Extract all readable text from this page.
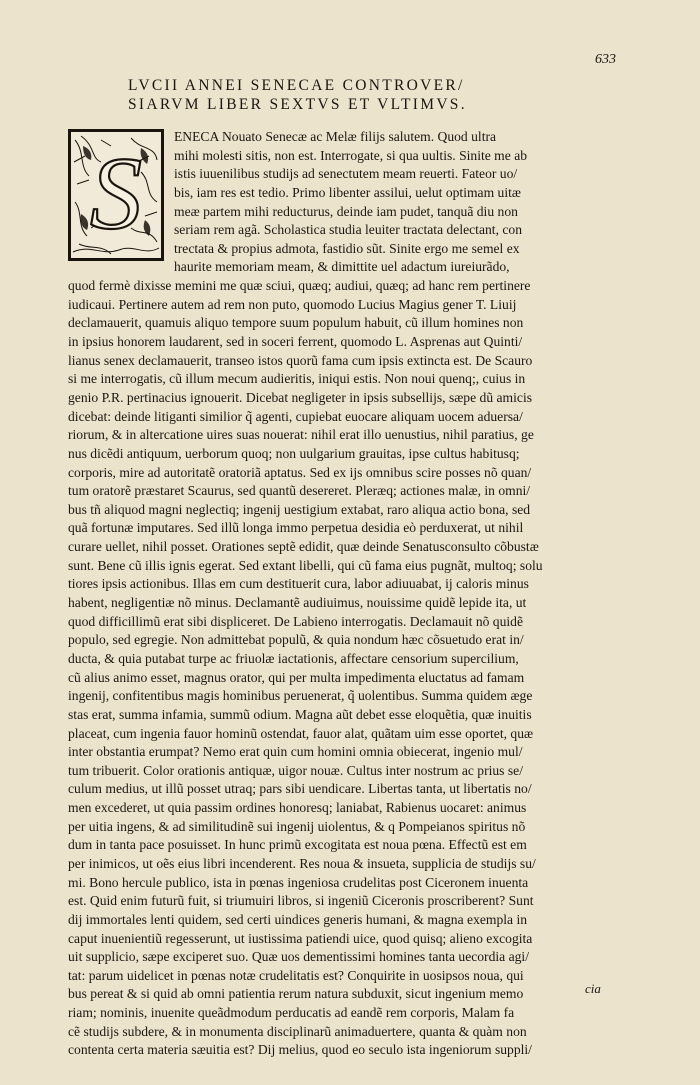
633
LVCII ANNEI SENECAE CONTROVER/
SIARVM LIBER SEXTVS ET VLTIMVS.
S	ENECA Nouato Senecæ ac Melæ filijs salutem. Quod ultra
mihi molesti sitis, non est. Interrogate, si qua uultis. Sinite me ab
istis iuuenilibus studijs ad senectutem meam reuerti. Fateor uo/
bis, iam res est tedio. Primo libenter assilui, uelut optimam uitæ
meæ partem mihi reducturus, deinde iam pudet, tanquã diu non
seriam rem agã. Scholastica studia leuiter tractata delectant, con
trectata & propius admota, fastidio sũt. Sinite ergo me semel ex
haurite memoriam meam, & dimittite uel adactum iureiurãdo,
quod fermè dixisse memini me quæ sciui, quæq; audiui, quæq; ad hanc rem pertinere
iudicaui. Pertinere autem ad rem non puto, quomodo Lucius Magius gener T. Liuij
declamauerit, quamuis aliquo tempore suum populum habuit, cũ illum homines non
in ipsius honorem laudarent, sed in soceri ferrent, quomodo L. Asprenas aut Quinti/
lianus senex declamauerit, transeo istos quorũ fama cum ipsis extincta est. De Scauro
si me interrogatis, cũ illum mecum audieritis, iniqui estis. Non noui quenq;, cuius in
genio P.R. pertinacius ignouerit. Dicebat negligeter in ipsis subsellijs, sæpe dũ amicis
dicebat: deinde litiganti similior q̃ agenti, cupiebat euocare aliquam uocem aduersa/
riorum, & in altercatione uires suas nouerat: nihil erat illo uenustius, nihil paratius, ge
nus dicẽdi antiquum, uerborum quoq; non uulgarium grauitas, ipse cultus habitusq;
corporis, mire ad autoritatẽ oratoriã aptatus. Sed ex ijs omnibus scire posses nõ quan/
tum oratorẽ præstaret Scaurus, sed quantũ desereret. Pleræq; actiones malæ, in omni/
bus tñ aliquod magni neglectiq; ingenij uestigium extabat, raro aliqua actio bona, sed
quã fortunæ imputares. Sed illũ longa immo perpetua desidia eò perduxerat, ut nihil
curare uellet, nihil posset. Orationes septẽ edidit, quæ deinde Senatusconsulto cõbustæ
sunt. Bene cũ illis ignis egerat. Sed extant libelli, qui cũ fama eius pugnãt, multoq; solu
tiores ipsis actionibus. Illas em cum destituerit cura, labor adiuuabat, ij caloris minus
habent, negligentiæ nõ minus. Declamantẽ audiuimus, nouissime quidẽ lepide ita, ut
quod difficillimũ erat sibi displiceret. De Labieno interrogatis. Declamauit nõ quidẽ
populo, sed egregie. Non admittebat populũ, & quia nondum hæc cõsuetudo erat in/
ducta, & quia putabat turpe ac friuolæ iactationis, affectare censorium supercilium,
cũ alius animo esset, magnus orator, qui per multa impedimenta eluctatus ad famam
ingenij, confitentibus magis hominibus peruenerat, q̃ uolentibus. Summa quidem æge
stas erat, summa infamia, summũ odium. Magna aũt debet esse eloquẽtia, quæ inuitis
placeat, cum ingenia fauor hominũ ostendat, fauor alat, quãtam uim esse oportet, quæ
inter obstantia erumpat? Nemo erat quin cum homini omnia obiecerat, ingenio mul/
tum tribuerit. Color orationis antiquæ, uigor nouæ. Cultus inter nostrum ac prius se/
culum medius, ut illũ posset utraq; pars sibi uendicare. Libertas tanta, ut libertatis no/
men excederet, ut quia passim ordines honoresq; laniabat, Rabienus uocaret: animus
per uitia ingens, & ad similitudinẽ sui ingenij uiolentus, & q Pompeianos spiritus nõ
dum in tanta pace posuisset. In hunc primũ excogitata est noua pœna. Effectũ est em
per inimicos, ut oẽs eius libri incenderent. Res noua & insueta, supplicia de studijs su/
mi. Bono hercule publico, ista in pœnas ingeniosa crudelitas post Ciceronem inuenta
est. Quid enim futurũ fuit, si triumuiri libros, si ingeniũ Ciceronis proscriberent? Sunt
dij immortales lenti quidem, sed certi uindices generis humani, & magna exempla in
caput inuenientiũ regesserunt, ut iustissima patiendi uice, quod quisq; alieno excogita
uit supplicio, sæpe exciperet suo. Quæ uos dementissimi homines tanta uecordia agi/
tat: parum uidelicet in pœnas notæ crudelitatis est? Conquirite in uosipsos noua, qui
bus pereat & si quid ab omni patientia rerum natura subduxit, sicut ingenium memo
riam; nominis, inuenite queãdmodum perducatis ad eandẽ rem corporis, Malam fa
cẽ studijs subdere, & in monumenta disciplinarũ animaduertere, quanta & quàm non
contenta certa materia sæuitia est? Dij melius, quod eo seculo ista ingeniorum suppli/
cia
